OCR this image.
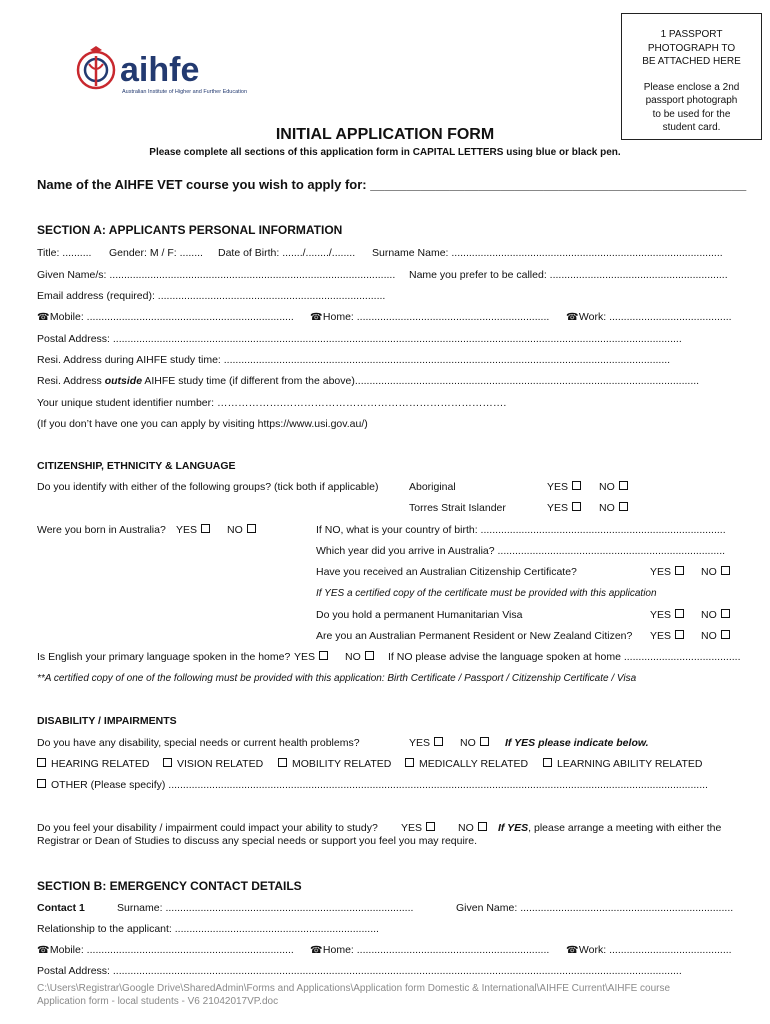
aihfe
Australian Institute of Higher and Further Education
1 PASSPORT
PHOTOGRAPH TO
BE ATTACHED HERE
Please enclose a 2nd
passport photograph
to be used for the
student card.
INITIAL APPLICATION FORM
Please complete all sections of this application form in CAPITAL LETTERS using blue or black pen.
Name of the AIHFE VET course you wish to apply for: ____________________________________________________
SECTION A: APPLICANTS PERSONAL INFORMATION
Title: .......... Gender: M / F: ........ Date of Birth: ......./......../........ Surname Name: .............................................................................................
Given Name/s: .................................................................................................. Name you prefer to be called: .............................................................
Email address (required): ..............................................................................
☎ Mobile: ....................................................................... ☎ Home: .................................................................. ☎ Work: ..........................................
Postal Address: ...................................................................................................................................................................................................
Resi. Address during AIHFE study time: .........................................................................................................................................................
Resi. Address outside AIHFE study time (if different from the above)......................................................................................................................
Your unique student identifier number: ……………….……………………………………………………….
(If you don’t have one you can apply by visiting https://www.usi.gov.au/)
CITIZENSHIP, ETHNICITY & LANGUAGE
Do you identify with either of the following groups? (tick both if applicable)	Aboriginal	YES	NO
Torres Strait Islander	YES	NO
Were you born in Australia? YES	NO	If NO, what is your country of birth: ....................................................................................
Which year did you arrive in Australia? ..............................................................................
Have you received an Australian Citizenship Certificate?	YES	NO
If YES a certified copy of the certificate must be provided with this application
Do you hold a permanent Humanitarian Visa	YES	NO
Are you an Australian Permanent Resident or New Zealand Citizen? YES	NO
Is English your primary language spoken in the home? YES	NO	If NO please advise the language spoken at home ........................................
**A certified copy of one of the following must be provided with this application: Birth Certificate / Passport / Citizenship Certificate / Visa
DISABILITY / IMPAIRMENTS
Do you have any disability, special needs or current health problems?	YES	NO	If YES please indicate below.
HEARING RELATED	VISION RELATED	MOBILITY RELATED	MEDICALLY RELATED	LEARNING ABILITY RELATED
OTHER (Please specify) .........................................................................................................................................................................................
Do you feel your disability / impairment could impact your ability to study? YES	NO	If YES, please arrange a meeting with either the
Registrar or Dean of Studies to discuss any special needs or support you feel you may require.
SECTION B: EMERGENCY CONTACT DETAILS
Contact 1	Surname: .....................................................................................	Given Name: .........................................................................
Relationship to the applicant: ......................................................................
☎ Mobile: ....................................................................... ☎ Home: .................................................................. ☎ Work: ..........................................
Postal Address: ...................................................................................................................................................................................................
C:\Users\Registrar\Google Drive\SharedAdmin\Forms and Applications\Application form Domestic & International\AIHFE Current\AIHFE course
Application form - local students - V6 21042017VP.doc
